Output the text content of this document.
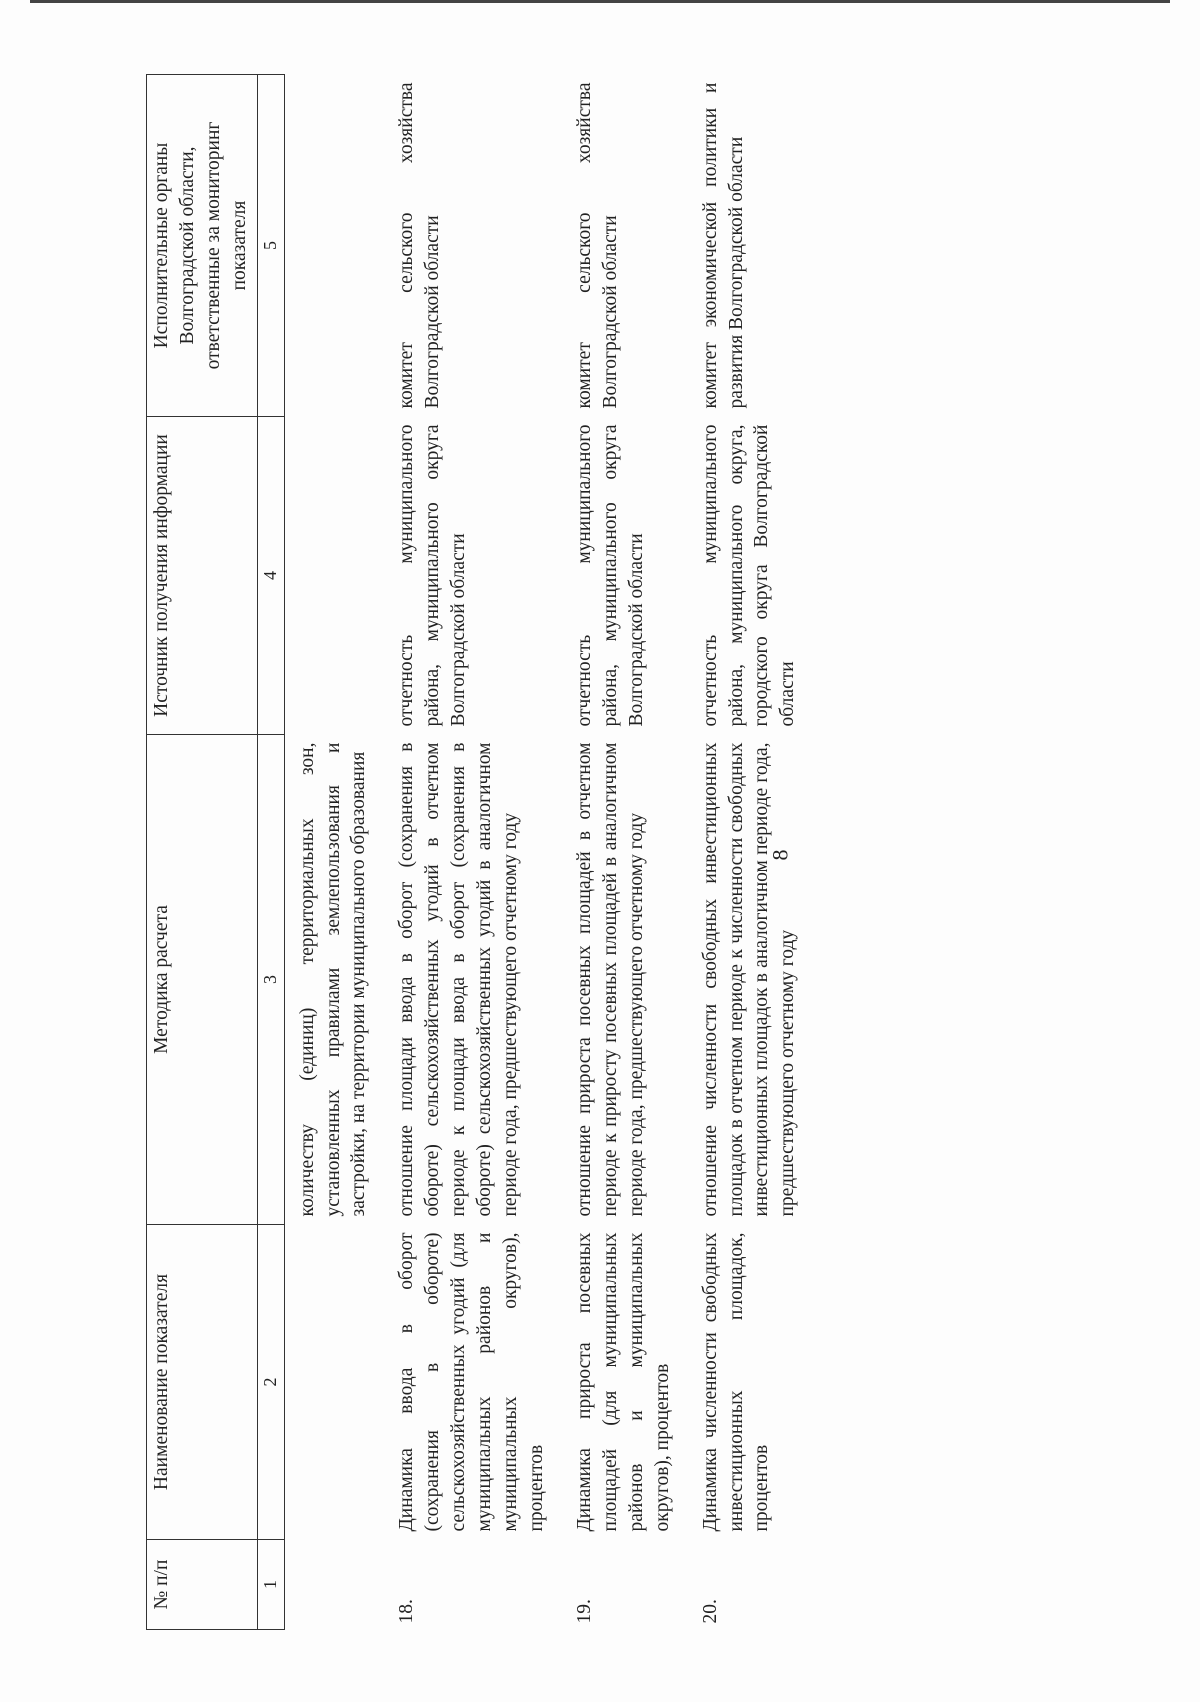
8
№ п/п	Наименование показателя	Методика расчета	Источник получения информации	Исполнительные органы Волгоградской области, ответственные за мониторинг показателя
1	2	3	4	5
		количеству (единиц) территориальных зон, установленных правилами землепользования и застройки, на территории муниципального образования		
18.	Динамика ввода в оборот (сохранения в обороте) сельскохозяйственных угодий (для муниципальных районов и муниципальных округов), процентов	отношение площади ввода в оборот (сохранения в обороте) сельскохозяйственных угодий в отчетном периоде к площади ввода в оборот (сохранения в обороте) сельскохозяйственных угодий в аналогичном периоде года, предшествующего отчетному году	отчетность муниципального района, муниципального округа Волгоградской области	комитет сельского хозяйства Волгоградской области
19.	Динамика прироста посевных площадей (для муниципальных районов и муниципальных округов), процентов	отношение прироста посевных площадей в отчетном периоде к приросту посевных площадей в аналогичном периоде года, предшествующего отчетному году	отчетность муниципального района, муниципального округа Волгоградской области	комитет сельского хозяйства Волгоградской области
20.	Динамика численности свободных инвестиционных площадок, процентов	отношение численности свободных инвестиционных площадок в отчетном периоде к численности свободных инвестиционных площадок в аналогичном периоде года, предшествующего отчетному году	отчетность муниципального района, муниципального округа, городского округа Волгоградской области	комитет экономической политики и развития Волгоградской области
